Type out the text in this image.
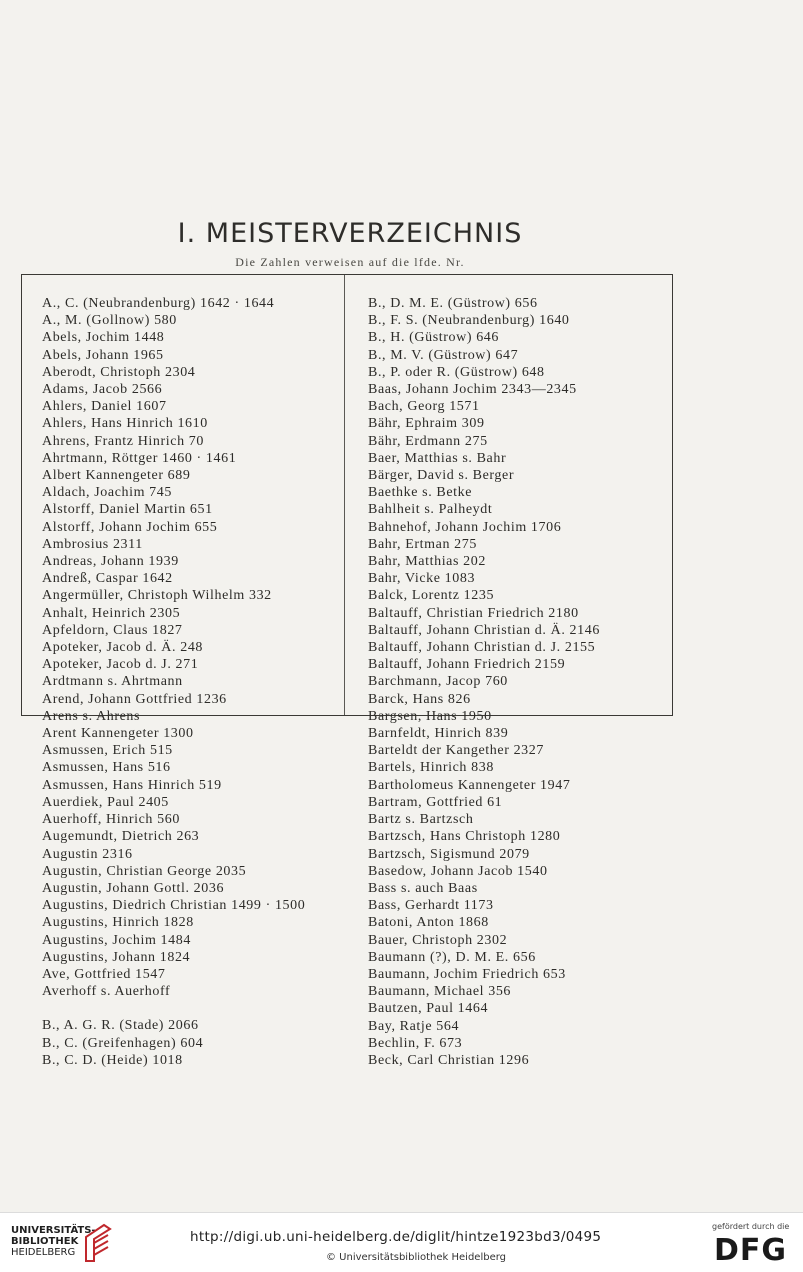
I. MEISTERVERZEICHNIS
Die Zahlen verweisen auf die lfde. Nr.
A., C. (Neubrandenburg) 1642 · 1644
A., M. (Gollnow) 580
Abels, Jochim 1448
Abels, Johann 1965
Aberodt, Christoph 2304
Adams, Jacob 2566
Ahlers, Daniel 1607
Ahlers, Hans Hinrich 1610
Ahrens, Frantz Hinrich 70
Ahrtmann, Röttger 1460 · 1461
Albert Kannengeter 689
Aldach, Joachim 745
Alstorff, Daniel Martin 651
Alstorff, Johann Jochim 655
Ambrosius 2311
Andreas, Johann 1939
Andreß, Caspar 1642
Angermüller, Christoph Wilhelm 332
Anhalt, Heinrich 2305
Apfeldorn, Claus 1827
Apoteker, Jacob d. Ä. 248
Apoteker, Jacob d. J. 271
Ardtmann s. Ahrtmann
Arend, Johann Gottfried 1236
Arens s. Ahrens
Arent Kannengeter 1300
Asmussen, Erich 515
Asmussen, Hans 516
Asmussen, Hans Hinrich 519
Auerdiek, Paul 2405
Auerhoff, Hinrich 560
Augemundt, Dietrich 263
Augustin 2316
Augustin, Christian George 2035
Augustin, Johann Gottl. 2036
Augustins, Diedrich Christian 1499 · 1500
Augustins, Hinrich 1828
Augustins, Jochim 1484
Augustins, Johann 1824
Ave, Gottfried 1547
Averhoff s. Auerhoff
B., A. G. R. (Stade) 2066
B., C. (Greifenhagen) 604
B., C. D. (Heide) 1018
B., D. M. E. (Güstrow) 656
B., F. S. (Neubrandenburg) 1640
B., H. (Güstrow) 646
B., M. V. (Güstrow) 647
B., P. oder R. (Güstrow) 648
Baas, Johann Jochim 2343—2345
Bach, Georg 1571
Bähr, Ephraim 309
Bähr, Erdmann 275
Baer, Matthias s. Bahr
Bärger, David s. Berger
Baethke s. Betke
Bahlheit s. Palheydt
Bahnehof, Johann Jochim 1706
Bahr, Ertman 275
Bahr, Matthias 202
Bahr, Vicke 1083
Balck, Lorentz 1235
Baltauff, Christian Friedrich 2180
Baltauff, Johann Christian d. Ä. 2146
Baltauff, Johann Christian d. J. 2155
Baltauff, Johann Friedrich 2159
Barchmann, Jacop 760
Barck, Hans 826
Bargsen, Hans 1950
Barnfeldt, Hinrich 839
Barteldt der Kangether 2327
Bartels, Hinrich 838
Bartholomeus Kannengeter 1947
Bartram, Gottfried 61
Bartz s. Bartzsch
Bartzsch, Hans Christoph 1280
Bartzsch, Sigismund 2079
Basedow, Johann Jacob 1540
Bass s. auch Baas
Bass, Gerhardt 1173
Batoni, Anton 1868
Bauer, Christoph 2302
Baumann (?), D. M. E. 656
Baumann, Jochim Friedrich 653
Baumann, Michael 356
Bautzen, Paul 1464
Bay, Ratje 564
Bechlin, F. 673
Beck, Carl Christian 1296
UNIVERSITÄTS-
BIBLIOTHEK
HEIDELBERG
http://digi.ub.uni-heidelberg.de/diglit/hintze1923bd3/0495
© Universitätsbibliothek Heidelberg
gefördert durch die
DFG
